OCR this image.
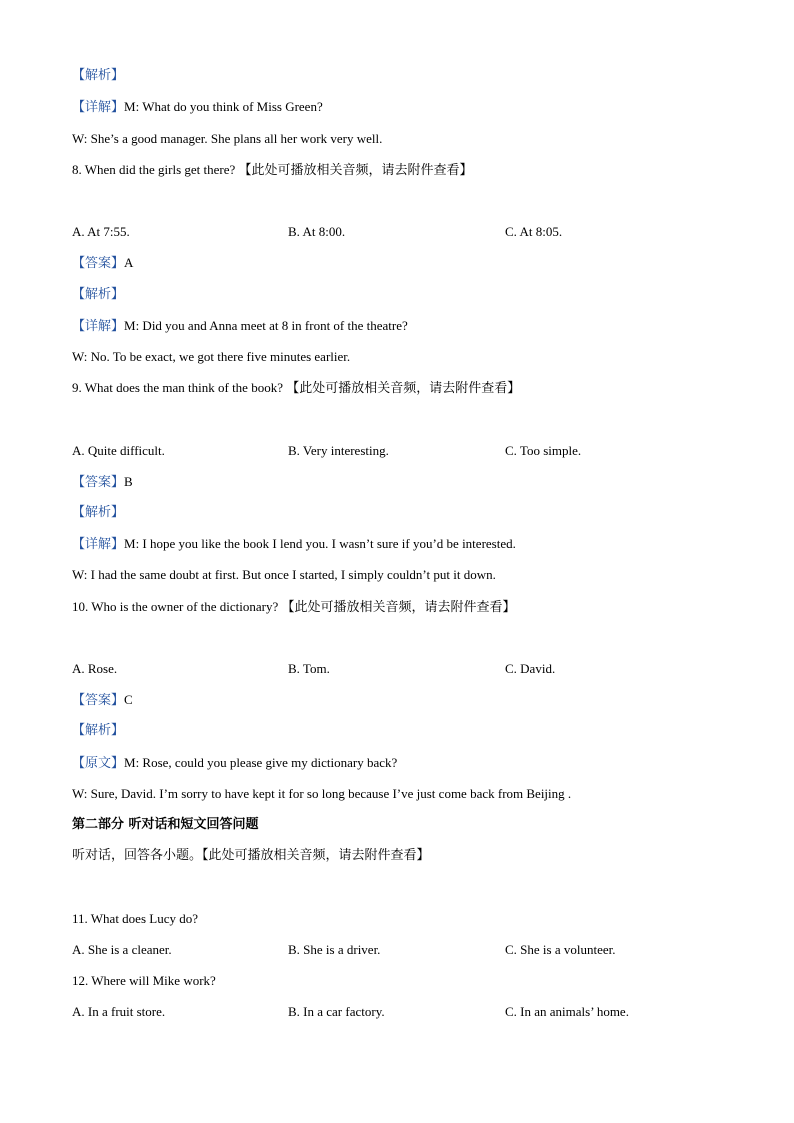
【解析】
【详解】M: What do you think of Miss Green?
W: She’s a good manager. She plans all her work very well.
8. When did the girls get there? 【此处可播放相关音频，请去附件查看】
A. At 7:55.	B. At 8:00.	C. At 8:05.
【答案】A
【解析】
【详解】M: Did you and Anna meet at 8 in front of the theatre?
W: No. To be exact, we got there five minutes earlier.
9. What does the man think of the book? 【此处可播放相关音频，请去附件查看】
A. Quite difficult.	B. Very interesting.	C. Too simple.
【答案】B
【解析】
【详解】M: I hope you like the book I lend you. I wasn’t sure if you’d be interested.
W: I had the same doubt at first. But once I started, I simply couldn’t put it down.
10. Who is the owner of the dictionary? 【此处可播放相关音频，请去附件查看】
A. Rose.	B. Tom.	C. David.
【答案】C
【解析】
【原文】M: Rose, could you please give my dictionary back?
W: Sure, David. I’m sorry to have kept it for so long because I’ve just come back from Beijing .
第二部分 听对话和短文回答问题
听对话，回答各小题。【此处可播放相关音频，请去附件查看】
11. What does Lucy do?
A. She is a cleaner.	B. She is a driver.	C. She is a volunteer.
12. Where will Mike work?
A. In a fruit store.	B. In a car factory.	C. In an animals’ home.
